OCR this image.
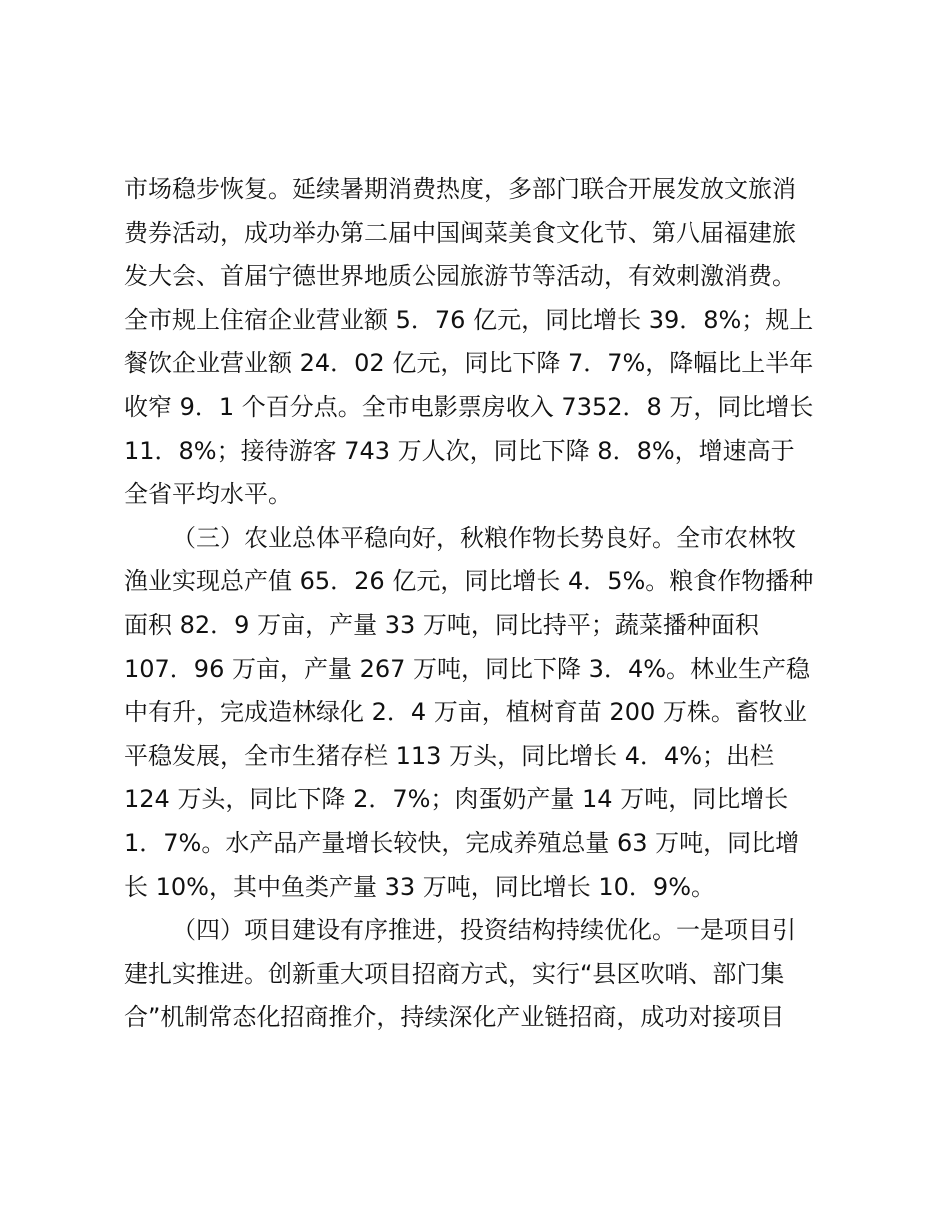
市场稳步恢复。延续暑期消费热度，多部门联合开展发放文旅消
费券活动，成功举办第二届中国闽菜美食文化节、第八届福建旅
发大会、首届宁德世界地质公园旅游节等活动，有效刺激消费。
全市规上住宿企业营业额 5．76 亿元，同比增长 39．8%；规上
餐饮企业营业额 24．02 亿元，同比下降 7．7%，降幅比上半年
收窄 9．1 个百分点。全市电影票房收入 7352．8 万，同比增长
11．8%；接待游客 743 万人次，同比下降 8．8%，增速高于
全省平均水平。
（三）农业总体平稳向好，秋粮作物长势良好。全市农林牧
渔业实现总产值 65．26 亿元，同比增长 4．5%。粮食作物播种
面积 82．9 万亩，产量 33 万吨，同比持平；蔬菜播种面积
107．96 万亩，产量 267 万吨，同比下降 3．4%。林业生产稳
中有升，完成造林绿化 2．4 万亩，植树育苗 200 万株。畜牧业
平稳发展，全市生猪存栏 113 万头，同比增长 4．4%；出栏
124 万头，同比下降 2．7%；肉蛋奶产量 14 万吨，同比增长
1．7%。水产品产量增长较快，完成养殖总量 63 万吨，同比增
长 10%，其中鱼类产量 33 万吨，同比增长 10．9%。
（四）项目建设有序推进，投资结构持续优化。一是项目引
建扎实推进。创新重大项目招商方式，实行“县区吹哨、部门集
合”机制常态化招商推介，持续深化产业链招商，成功对接项目
